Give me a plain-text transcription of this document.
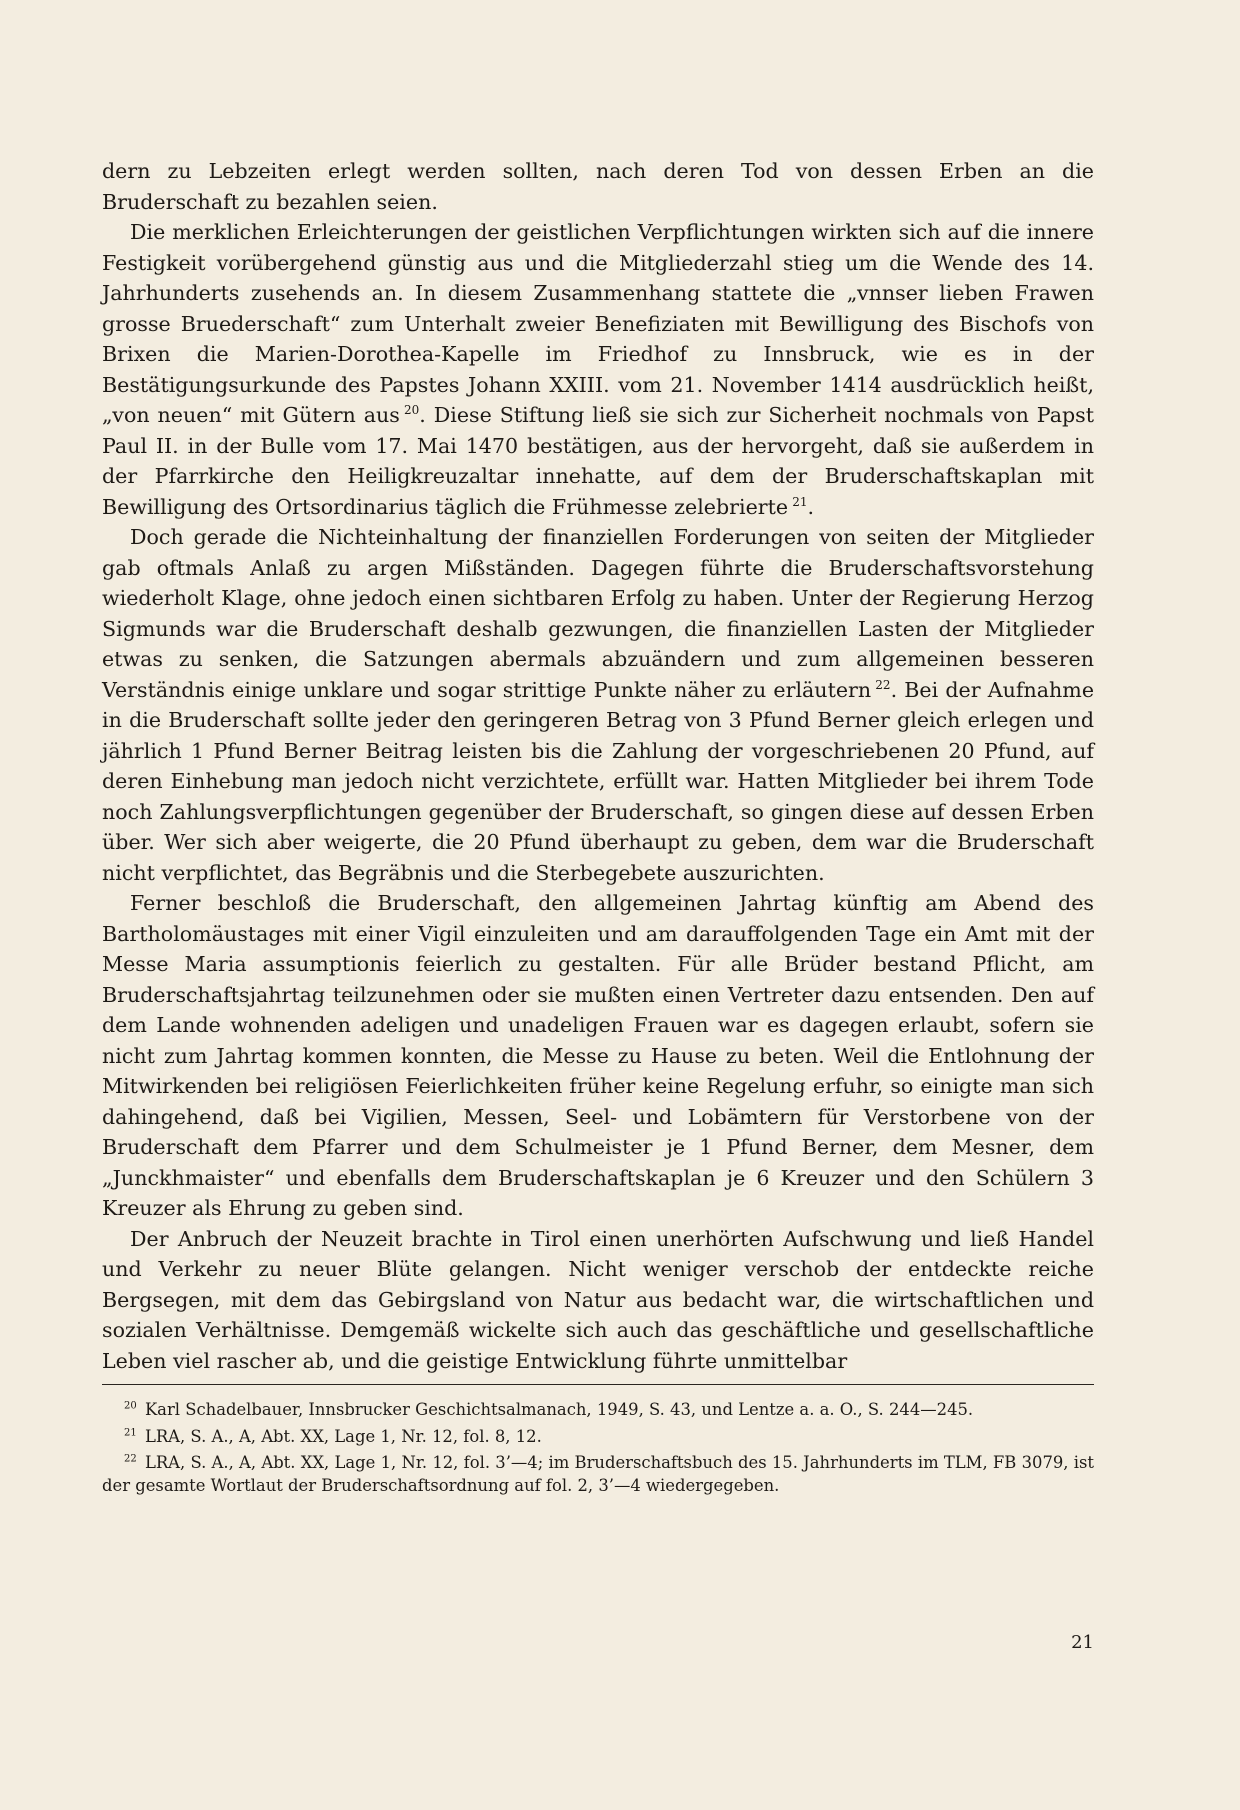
dern zu Lebzeiten erlegt werden sollten, nach deren Tod von dessen Erben an die Bruderschaft zu bezahlen seien.

Die merklichen Erleichterungen der geistlichen Verpflichtungen wirkten sich auf die innere Festigkeit vorübergehend günstig aus und die Mitgliederzahl stieg um die Wende des 14. Jahrhunderts zusehends an. In diesem Zusammenhang stattete die „vnnser lieben Frawen grosse Bruederschaft“ zum Unterhalt zweier Benefiziaten mit Bewilligung des Bischofs von Brixen die Marien-Dorothea-Kapelle im Friedhof zu Innsbruck, wie es in der Bestätigungsurkunde des Papstes Johann XXIII. vom 21. November 1414 ausdrücklich heißt, „von neuen“ mit Gütern aus  $^{20}$. Diese Stiftung ließ sie sich zur Sicherheit nochmals von Papst Paul II. in der Bulle vom 17. Mai 1470 bestätigen, aus der hervorgeht, daß sie außerdem in der Pfarrkirche den Heiligkreuzaltar innehatte, auf dem der Bruderschaftskaplan mit Bewilligung des Ortsordinarius täglich die Frühmesse zelebrierte  $^{21}$.

Doch gerade die Nichteinhaltung der finanziellen Forderungen von seiten der Mitglieder gab oftmals Anlaß zu argen Mißständen. Dagegen führte die Bruderschaftsvorstehung wiederholt Klage, ohne jedoch einen sichtbaren Erfolg zu haben. Unter der Regierung Herzog Sigmunds war die Bruderschaft deshalb gezwungen, die finanziellen Lasten der Mitglieder etwas zu senken, die Satzungen abermals abzuändern und zum allgemeinen besseren Verständnis einige unklare und sogar strittige Punkte näher zu erläutern  $^{22}$. Bei der Aufnahme in die Bruderschaft sollte jeder den geringeren Betrag von 3 Pfund Berner gleich erlegen und jährlich 1 Pfund Berner Beitrag leisten bis die Zahlung der vorgeschriebenen 20 Pfund, auf deren Einhebung man jedoch nicht verzichtete, erfüllt war. Hatten Mitglieder bei ihrem Tode noch Zahlungsverpflichtungen gegenüber der Bruderschaft, so gingen diese auf dessen Erben über. Wer sich aber weigerte, die 20 Pfund überhaupt zu geben, dem war die Bruderschaft nicht verpflichtet, das Begräbnis und die Sterbegebete auszurichten.

Ferner beschloß die Bruderschaft, den allgemeinen Jahrtag künftig am Abend des Bartholomäustages mit einer Vigil einzuleiten und am darauffolgenden Tage ein Amt mit der Messe Maria assumptionis feierlich zu gestalten. Für alle Brüder bestand Pflicht, am Bruderschaftsjahrtag teilzunehmen oder sie mußten einen Vertreter dazu entsenden. Den auf dem Lande wohnenden adeligen und unadeligen Frauen war es dagegen erlaubt, sofern sie nicht zum Jahrtag kommen konnten, die Messe zu Hause zu beten. Weil die Entlohnung der Mitwirkenden bei religiösen Feierlichkeiten früher keine Regelung erfuhr, so einigte man sich dahingehend, daß bei Vigilien, Messen, Seel- und Lobämtern für Verstorbene von der Bruderschaft dem Pfarrer und dem Schulmeister je 1 Pfund Berner, dem Mesner, dem „Junckhmaister“ und ebenfalls dem Bruderschaftskaplan je 6 Kreuzer und den Schülern 3 Kreuzer als Ehrung zu geben sind.

Der Anbruch der Neuzeit brachte in Tirol einen unerhörten Aufschwung und ließ Handel und Verkehr zu neuer Blüte gelangen. Nicht weniger verschob der entdeckte reiche Bergsegen, mit dem das Gebirgsland von Natur aus bedacht war, die wirtschaftlichen und sozialen Verhältnisse. Demgemäß wickelte sich auch das geschäftliche und gesellschaftliche Leben viel rascher ab, und die geistige Entwicklung führte unmittelbar

$^{20}$  Karl Schadelbauer, Innsbrucker Geschichtsalmanach, 1949, S. 43, und Lentze a. a. O., S. 244—245.

$^{21}$  LRA, S. A., A, Abt. XX, Lage 1, Nr. 12, fol. 8, 12.

$^{22}$  LRA, S. A., A, Abt. XX, Lage 1, Nr. 12, fol. 3’—4; im Bruderschaftsbuch des 15. Jahrhunderts im TLM, FB 3079, ist der gesamte Wortlaut der Bruderschaftsordnung auf fol. 2, 3’—4 wiedergegeben.

21
